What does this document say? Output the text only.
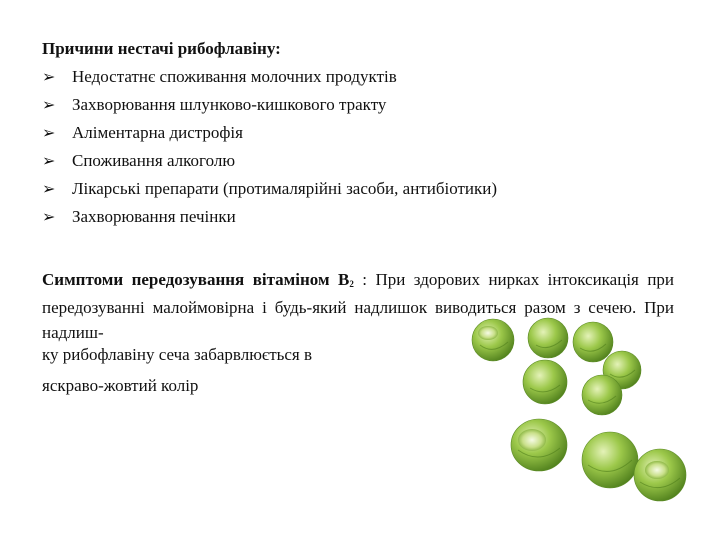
Причини нестачі рибофлавіну:

➢ Недостатнє споживання молочних продуктів
➢ Захворювання шлунково-кишкового тракту
➢ Аліментарна дистрофія
➢ Споживання алкоголю
➢ Лікарські препарати (протималярійні засоби, антибіотики)
➢ Захворювання печінки

Симптоми передозування вітаміном $В_2$ : При здорових нирках інтоксикація при передозуванні малоймовірна і будь-який надлишок виводиться разом з сечею. При надлиш-

ку рибофлавіну сеча забарвлюється в

яскраво-жовтий колір
